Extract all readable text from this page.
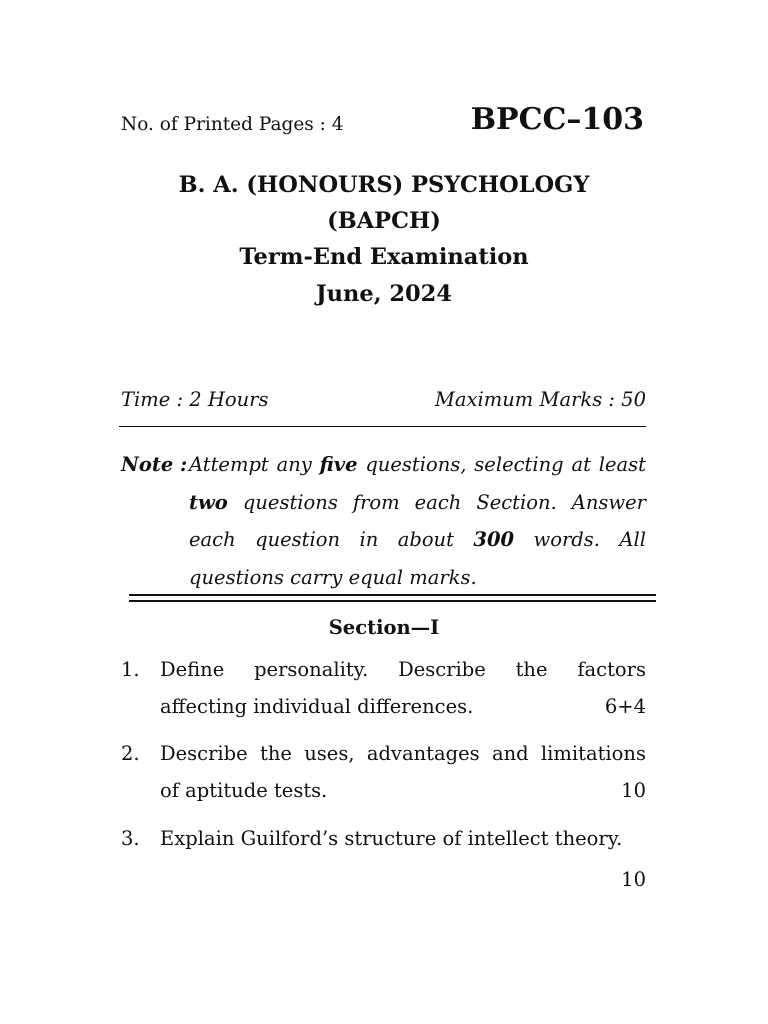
No. of Printed Pages : 4	BPCC–103
B. A. (HONOURS) PSYCHOLOGY
(BAPCH)
Term-End Examination
June, 2024
Time : 2 Hours	Maximum Marks : 50
Note : Attempt any five questions, selecting at least
two questions from each Section. Answer
each question in about 300 words. All
questions carry equal marks.
Section—I
1. Define personality. Describe the factors
affecting individual differences.	6+4
2. Describe the uses, advantages and limitations
of aptitude tests.	10
3. Explain Guilford’s structure of intellect theory.
10
